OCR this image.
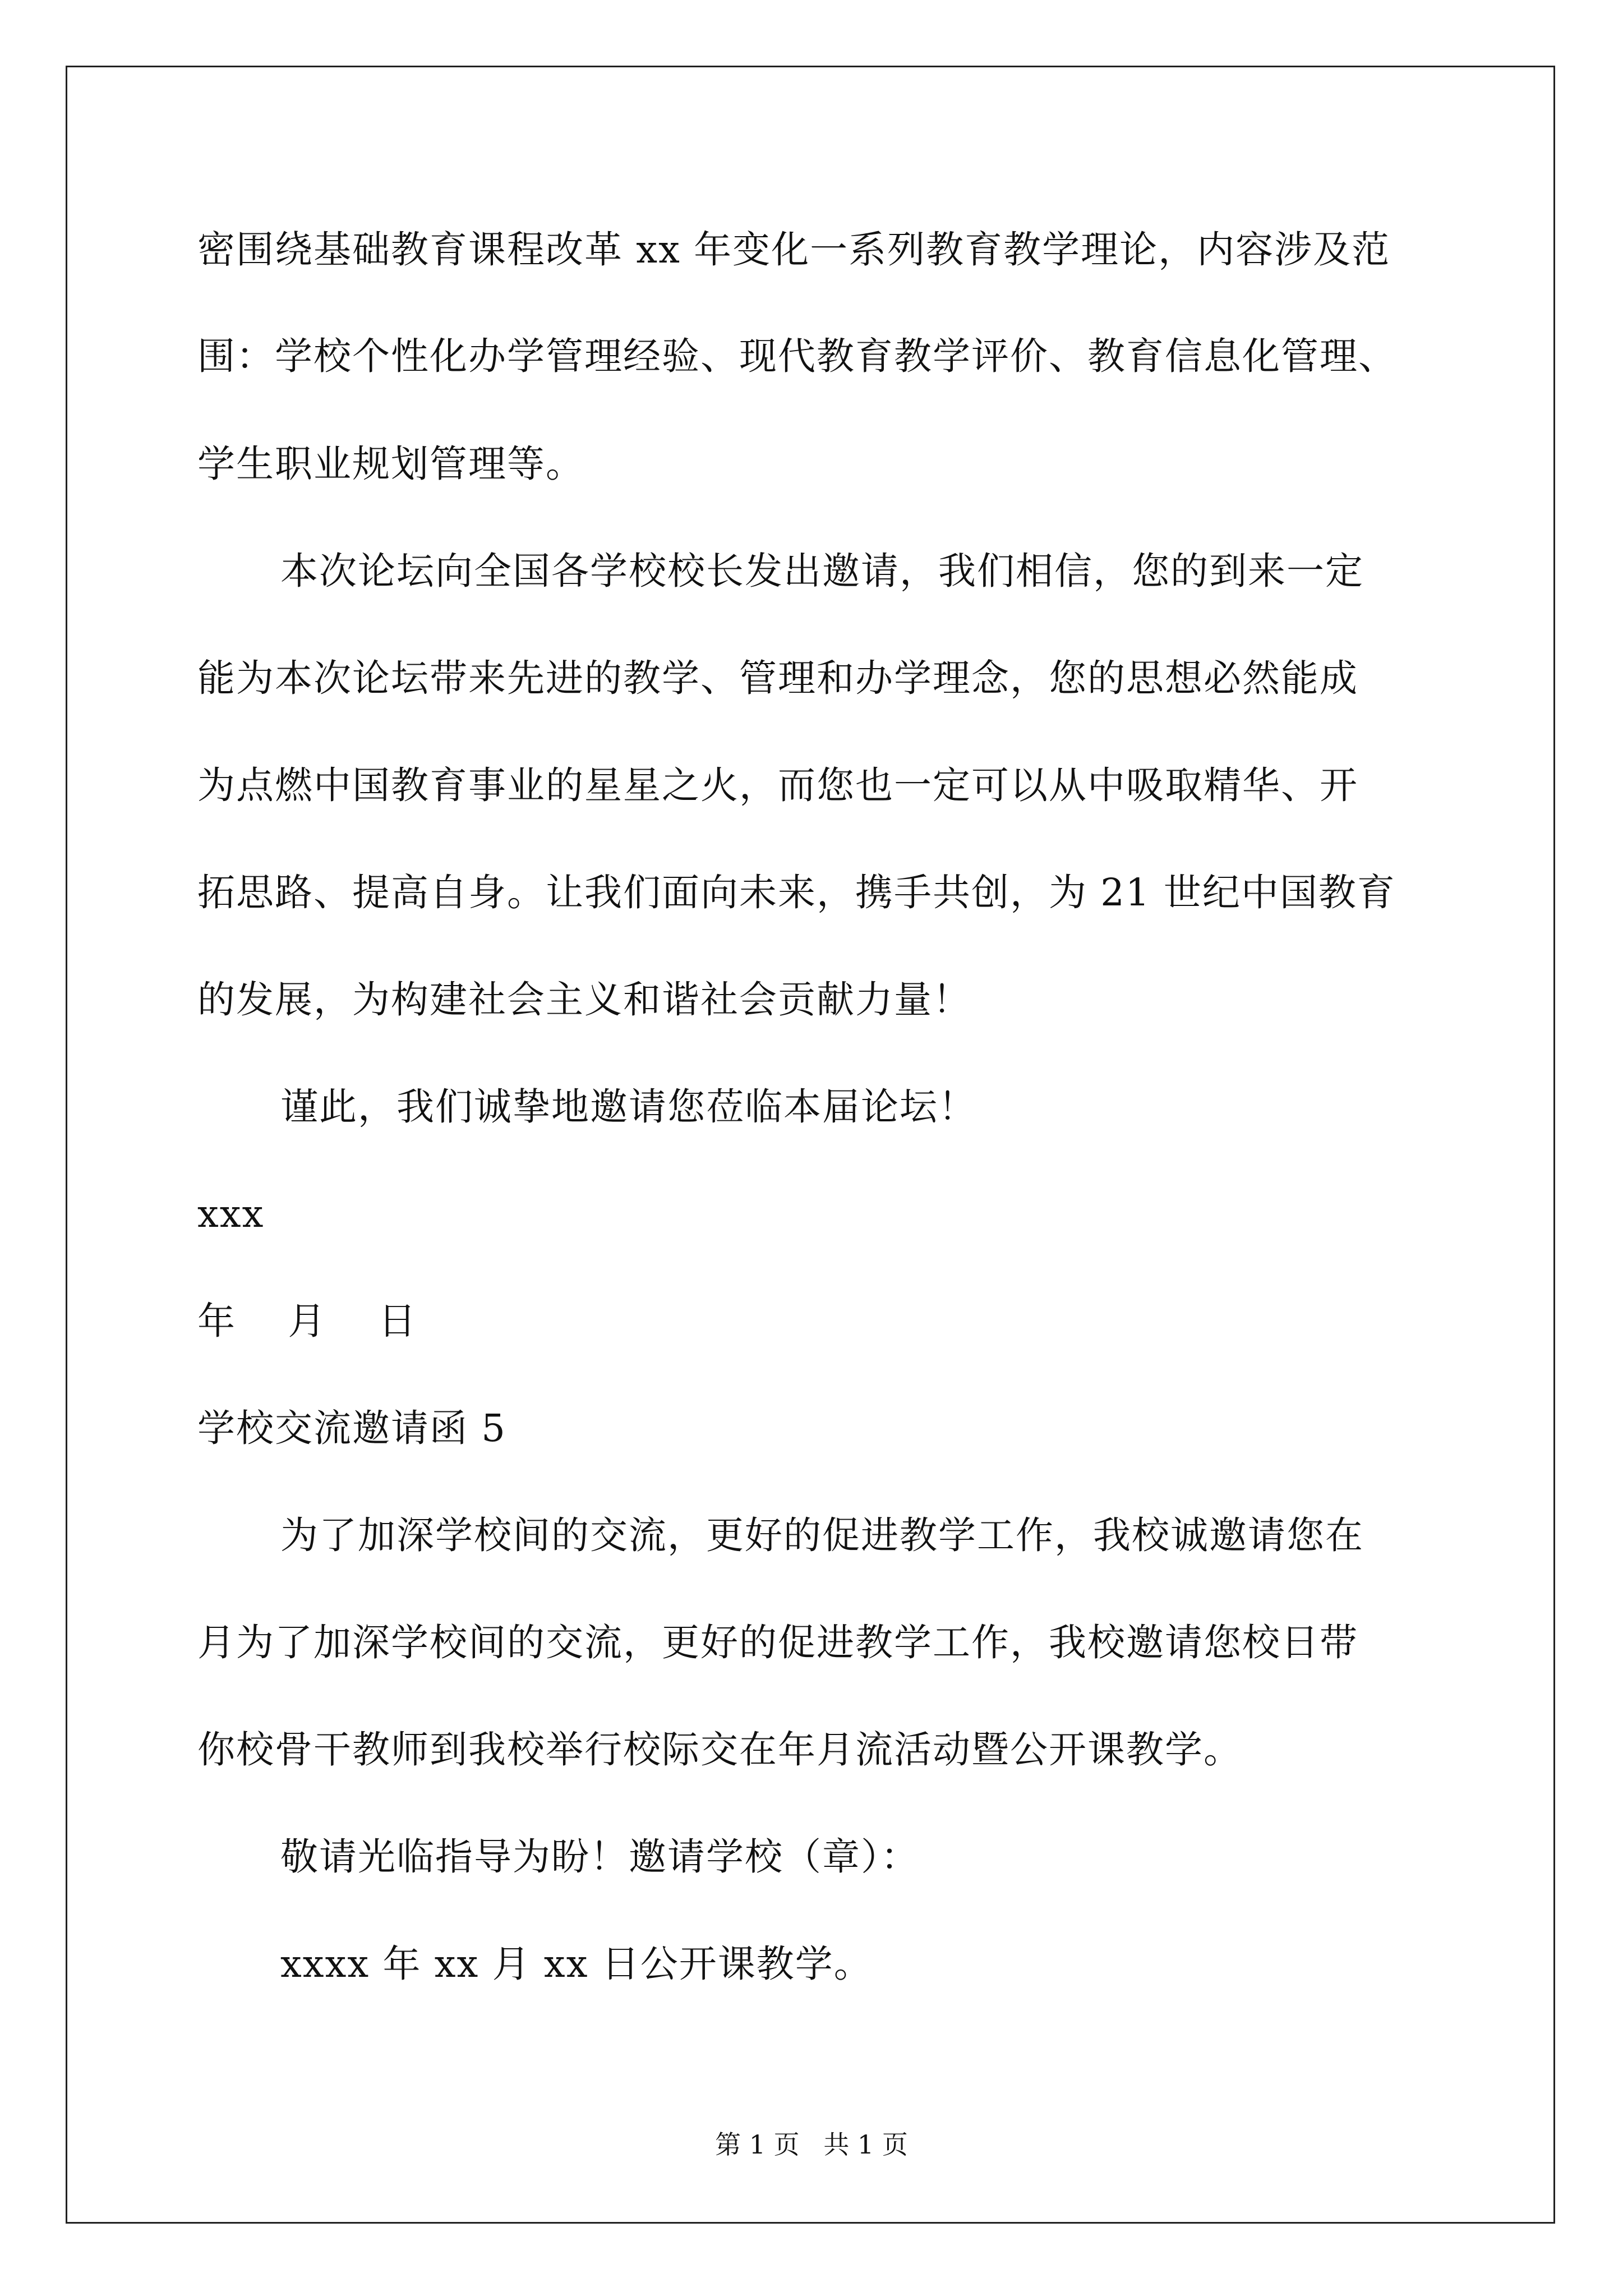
密围绕基础教育课程改革 xx 年变化一系列教育教学理论，内容涉及范
围：学校个性化办学管理经验、现代教育教学评价、教育信息化管理、
学生职业规划管理等。
本次论坛向全国各学校校长发出邀请，我们相信，您的到来一定
能为本次论坛带来先进的教学、管理和办学理念，您的思想必然能成
为点燃中国教育事业的星星之火，而您也一定可以从中吸取精华、开
拓思路、提高自身。让我们面向未来，携手共创，为 21 世纪中国教育
的发展，为构建社会主义和谐社会贡献力量！
谨此，我们诚挚地邀请您莅临本届论坛！
xxx
年　 月　 日
学校交流邀请函 5
为了加深学校间的交流，更好的促进教学工作，我校诚邀请您在
月为了加深学校间的交流，更好的促进教学工作，我校邀请您校日带
你校骨干教师到我校举行校际交在年月流活动暨公开课教学。
敬请光临指导为盼！邀请学校（章）：
xxxx 年 xx 月 xx 日公开课教学。
第 1 页 共 1 页
